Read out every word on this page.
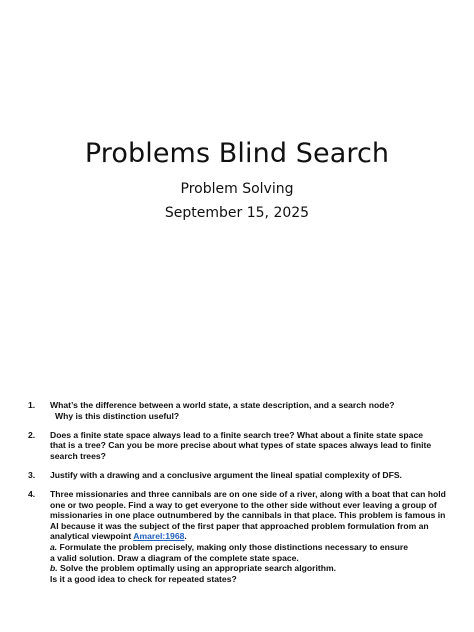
Problems Blind Search
Problem Solving
September 15, 2025
1. What’s the difference between a world state, a state description, and a search node?
Why is this distinction useful?
2. Does a finite state space always lead to a finite search tree? What about a finite state space
that is a tree? Can you be more precise about what types of state spaces always lead to finite
search trees?
3. Justify with a drawing and a conclusive argument the lineal spatial complexity of DFS.
4. Three missionaries and three cannibals are on one side of a river, along with a boat that can hold
one or two people. Find a way to get everyone to the other side without ever leaving a group of
missionaries in one place outnumbered by the cannibals in that place. This problem is famous in
AI because it was the subject of the first paper that approached problem formulation from an
analytical viewpoint Amarel:1968.
a. Formulate the problem precisely, making only those distinctions necessary to ensure
a valid solution. Draw a diagram of the complete state space.
b. Solve the problem optimally using an appropriate search algorithm.
Is it a good idea to check for repeated states?
